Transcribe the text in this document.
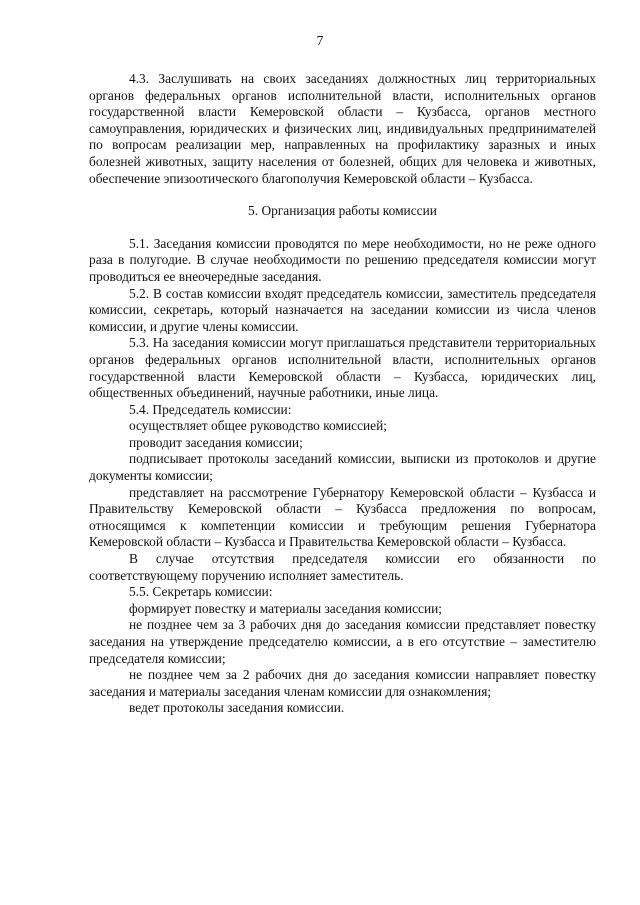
7

4.3. Заслушивать на своих заседаниях должностных лиц территориальных органов федеральных органов исполнительной власти, исполнительных органов государственной власти Кемеровской области – Кузбасса, органов местного самоуправления, юридических и физических лиц, индивидуальных предпринимателей по вопросам реализации мер, направленных на профилактику заразных и иных болезней животных, защиту населения от болезней, общих для человека и животных, обеспечение эпизоотического благополучия Кемеровской области – Кузбасса.

5. Организация работы комиссии

5.1. Заседания комиссии проводятся по мере необходимости, но не реже одного раза в полугодие. В случае необходимости по решению председателя комиссии могут проводиться ее внеочередные заседания.

5.2. В состав комиссии входят председатель комиссии, заместитель председателя комиссии, секретарь, который назначается на заседании комиссии из числа членов комиссии, и другие члены комиссии.

5.3. На заседания комиссии могут приглашаться представители территориальных органов федеральных органов исполнительной власти, исполнительных органов государственной власти Кемеровской области – Кузбасса, юридических лиц, общественных объединений, научные работники, иные лица.

5.4. Председатель комиссии:

осуществляет общее руководство комиссией;

проводит заседания комиссии;

подписывает протоколы заседаний комиссии, выписки из протоколов и другие документы комиссии;

представляет на рассмотрение Губернатору Кемеровской области – Кузбасса и Правительству Кемеровской области – Кузбасса предложения по вопросам, относящимся к компетенции комиссии и требующим решения Губернатора Кемеровской области – Кузбасса и Правительства Кемеровской области – Кузбасса.

В случае отсутствия председателя комиссии его обязанности по соответствующему поручению исполняет заместитель.

5.5. Секретарь комиссии:

формирует повестку и материалы заседания комиссии;

не позднее чем за 3 рабочих дня до заседания комиссии представляет повестку заседания на утверждение председателю комиссии, а в его отсутствие – заместителю председателя комиссии;

не позднее чем за 2 рабочих дня до заседания комиссии направляет повестку заседания и материалы заседания членам комиссии для ознакомления;

ведет протоколы заседания комиссии.
